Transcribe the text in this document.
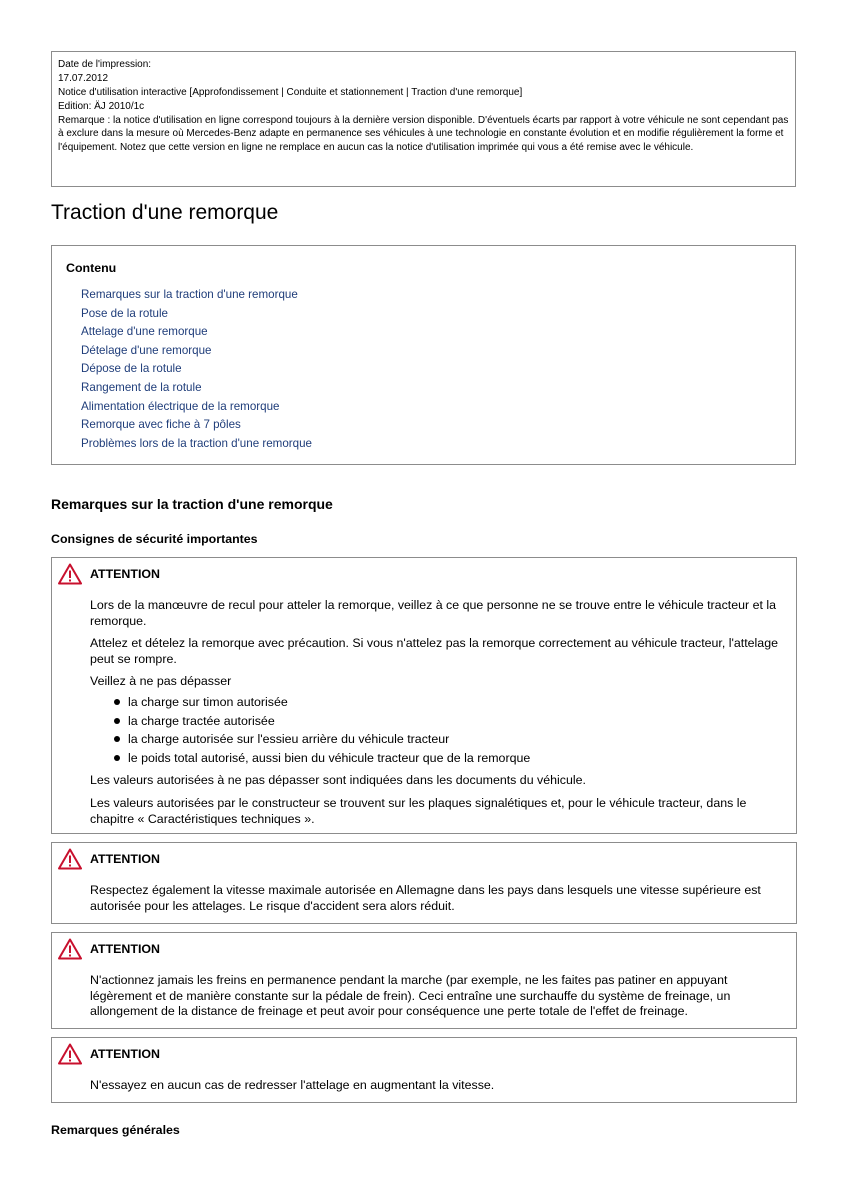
Date de l'impression:
17.07.2012
Notice d'utilisation interactive [Approfondissement | Conduite et stationnement | Traction d'une remorque]
Edition: ÄJ 2010/1c
Remarque : la notice d'utilisation en ligne correspond toujours à la dernière version disponible. D'éventuels écarts par rapport à votre véhicule ne sont cependant pas à exclure dans la mesure où Mercedes-Benz adapte en permanence ses véhicules à une technologie en constante évolution et en modifie régulièrement la forme et l'équipement. Notez que cette version en ligne ne remplace en aucun cas la notice d'utilisation imprimée qui vous a été remise avec le véhicule.
Traction d'une remorque
Contenu
Remarques sur la traction d'une remorque
Pose de la rotule
Attelage d'une remorque
Dételage d'une remorque
Dépose de la rotule
Rangement de la rotule
Alimentation électrique de la remorque
Remorque avec fiche à 7 pôles
Problèmes lors de la traction d'une remorque
Remarques sur la traction d'une remorque
Consignes de sécurité importantes
ATTENTION

Lors de la manœuvre de recul pour atteler la remorque, veillez à ce que personne ne se trouve entre le véhicule tracteur et la remorque.

Attelez et dételez la remorque avec précaution. Si vous n'attelez pas la remorque correctement au véhicule tracteur, l'attelage peut se rompre.

Veillez à ne pas dépasser

la charge sur timon autorisée
la charge tractée autorisée
la charge autorisée sur l'essieu arrière du véhicule tracteur
le poids total autorisé, aussi bien du véhicule tracteur que de la remorque

Les valeurs autorisées à ne pas dépasser sont indiquées dans les documents du véhicule.

Les valeurs autorisées par le constructeur se trouvent sur les plaques signalétiques et, pour le véhicule tracteur, dans le chapitre « Caractéristiques techniques ».

ATTENTION

Respectez également la vitesse maximale autorisée en Allemagne dans les pays dans lesquels une vitesse supérieure est autorisée pour les attelages. Le risque d'accident sera alors réduit.

ATTENTION

N'actionnez jamais les freins en permanence pendant la marche (par exemple, ne les faites pas patiner en appuyant légèrement et de manière constante sur la pédale de frein). Ceci entraîne une surchauffe du système de freinage, un allongement de la distance de freinage et peut avoir pour conséquence une perte totale de l'effet de freinage.

ATTENTION

N'essayez en aucun cas de redresser l'attelage en augmentant la vitesse.

Remarques générales
